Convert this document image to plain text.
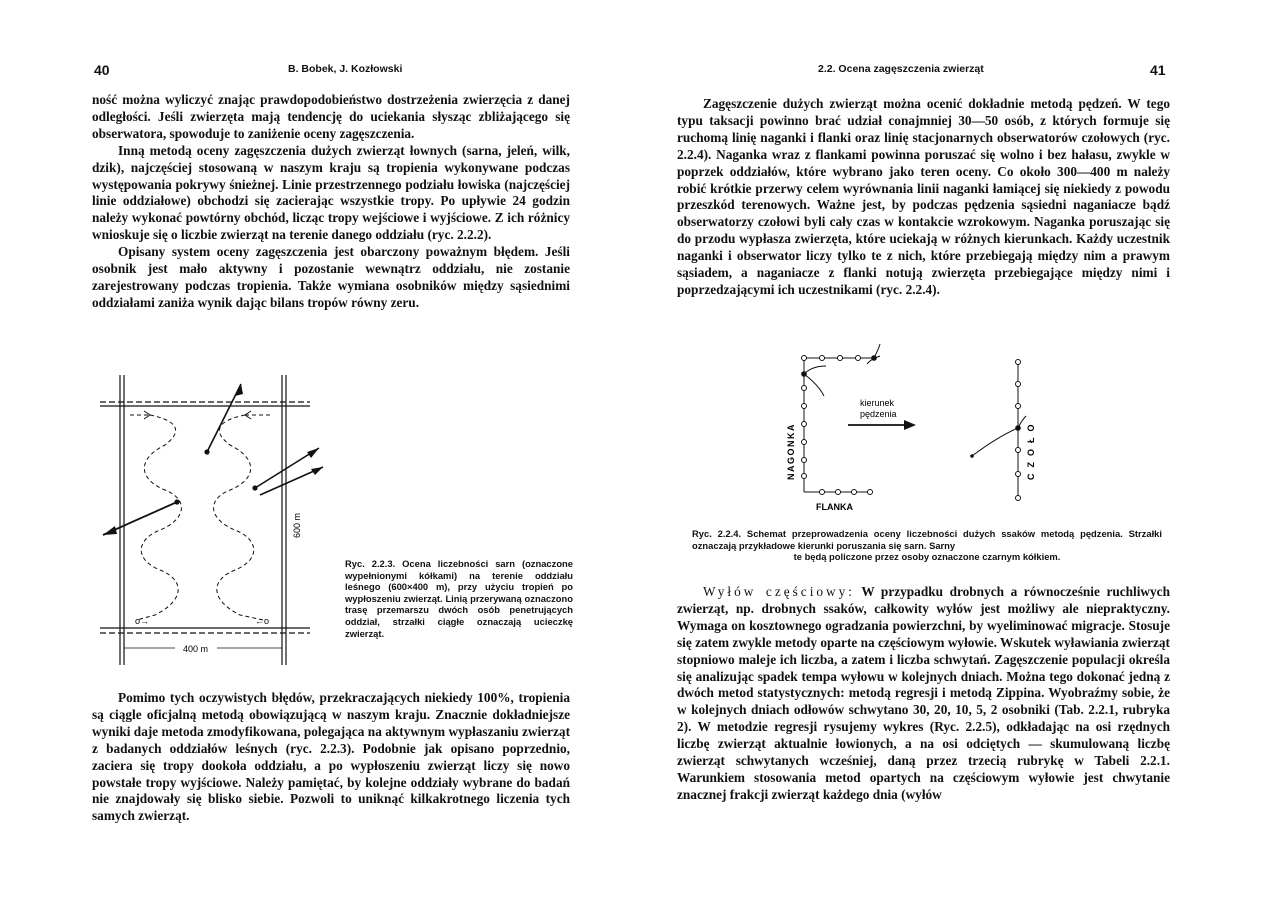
40	B. Bobek, J. Kozłowski

ność można wyliczyć znając prawdopodobieństwo dostrzeżenia zwierzęcia z danej odległości. Jeśli zwierzęta mają tendencję do uciekania słysząc zbliżającego się obserwatora, spowoduje to zaniżenie oceny zagęszczenia.

Inną metodą oceny zagęszczenia dużych zwierząt łownych (sarna, jeleń, wilk, dzik), najczęściej stosowaną w naszym kraju są tropienia wykonywane podczas występowania pokrywy śnieżnej. Linie przestrzennego podziału łowiska (najczęściej linie oddziałowe) obchodzi się zacierając wszystkie tropy. Po upływie 24 godzin należy wykonać powtórny obchód, licząc tropy wejściowe i wyjściowe. Z ich różnicy wnioskuje się o liczbie zwierząt na terenie danego oddziału (ryc. 2.2.2).

Opisany system oceny zagęszczenia jest obarczony poważnym błędem. Jeśli osobnik jest mało aktywny i pozostanie wewnątrz oddziału, nie zostanie zarejestrowany podczas tropienia. Także wymiana osobników między sąsiednimi oddziałami zaniża wynik dając bilans tropów równy zeru.

o→	←o
400 m
600 m
Ryc. 2.2.3. Ocena liczebności sarn (oznaczone wypełnionymi kółkami) na terenie oddziału leśnego (600×400 m), przy użyciu tropień po wypłoszeniu zwierząt. Linią przerywaną oznaczono trasę przemarszu dwóch osób penetrujących oddział, strzałki ciągłe oznaczają ucieczkę zwierząt.

Pomimo tych oczywistych błędów, przekraczających niekiedy 100%, tropienia są ciągle oficjalną metodą obowiązującą w naszym kraju. Znacznie dokładniejsze wyniki daje metoda zmodyfikowana, polegająca na aktywnym wypłaszaniu zwierząt z badanych oddziałów leśnych (ryc. 2.2.3). Podobnie jak opisano poprzednio, zaciera się tropy dookoła oddziału, a po wypłoszeniu zwierząt liczy się nowo powstałe tropy wyjściowe. Należy pamiętać, by kolejne oddziały wybrane do badań nie znajdowały się blisko siebie. Pozwoli to uniknąć kilkakrotnego liczenia tych samych zwierząt.

2.2. Ocena zagęszczenia zwierząt	41

Zagęszczenie dużych zwierząt można ocenić dokładnie metodą pędzeń. W tego typu taksacji powinno brać udział conajmniej 30—50 osób, z których formuje się ruchomą linię naganki i flanki oraz linię stacjonarnych obserwatorów czołowych (ryc. 2.2.4). Naganka wraz z flankami powinna poruszać się wolno i bez hałasu, zwykle w poprzek oddziałów, które wybrano jako teren oceny. Co około 300—400 m należy robić krótkie przerwy celem wyrównania linii naganki łamiącej się niekiedy z powodu przeszkód terenowych. Ważne jest, by podczas pędzenia sąsiedni naganiacze bądź obserwatorzy czołowi byli cały czas w kontakcie wzrokowym. Naganka poruszając się do przodu wypłasza zwierzęta, które uciekają w różnych kierunkach. Każdy uczestnik naganki i obserwator liczy tylko te z nich, które przebiegają między nim a prawym sąsiadem, a naganiacze z flanki notują zwierzęta przebiegające między nimi i poprzedzającymi ich uczestnikami (ryc. 2.2.4).

kierunek
pędzenia
NAGONKA
FLANKA
CZOŁO
Ryc. 2.2.4. Schemat przeprowadzenia oceny liczebności dużych ssaków metodą pędzenia. Strzałki oznaczają przykładowe kierunki poruszania się sarn. Sarny
te będą policzone przez osoby oznaczone czarnym kółkiem.

Wyłów częściowy: W przypadku drobnych a równocześnie ruchliwych zwierząt, np. drobnych ssaków, całkowity wyłów jest możliwy ale niepraktyczny. Wymaga on kosztownego ogradzania powierzchni, by wyeliminować migracje. Stosuje się zatem zwykle metody oparte na częściowym wyłowie. Wskutek wyławiania zwierząt stopniowo maleje ich liczba, a zatem i liczba schwytań. Zagęszczenie populacji określa się analizując spadek tempa wyłowu w kolejnych dniach. Można tego dokonać jedną z dwóch metod statystycznych: metodą regresji i metodą Zippina. Wyobraźmy sobie, że w kolejnych dniach odłowów schwytano 30, 20, 10, 5, 2 osobniki (Tab. 2.2.1, rubryka 2). W metodzie regresji rysujemy wykres (Ryc. 2.2.5), odkładając na osi rzędnych liczbę zwierząt aktualnie łowionych, a na osi odciętych — skumulowaną liczbę zwierząt schwytanych wcześniej, daną przez trzecią rubrykę w Tabeli 2.2.1. Warunkiem stosowania metod opartych na częściowym wyłowie jest chwytanie znacznej frakcji zwierząt każdego dnia (wyłów
